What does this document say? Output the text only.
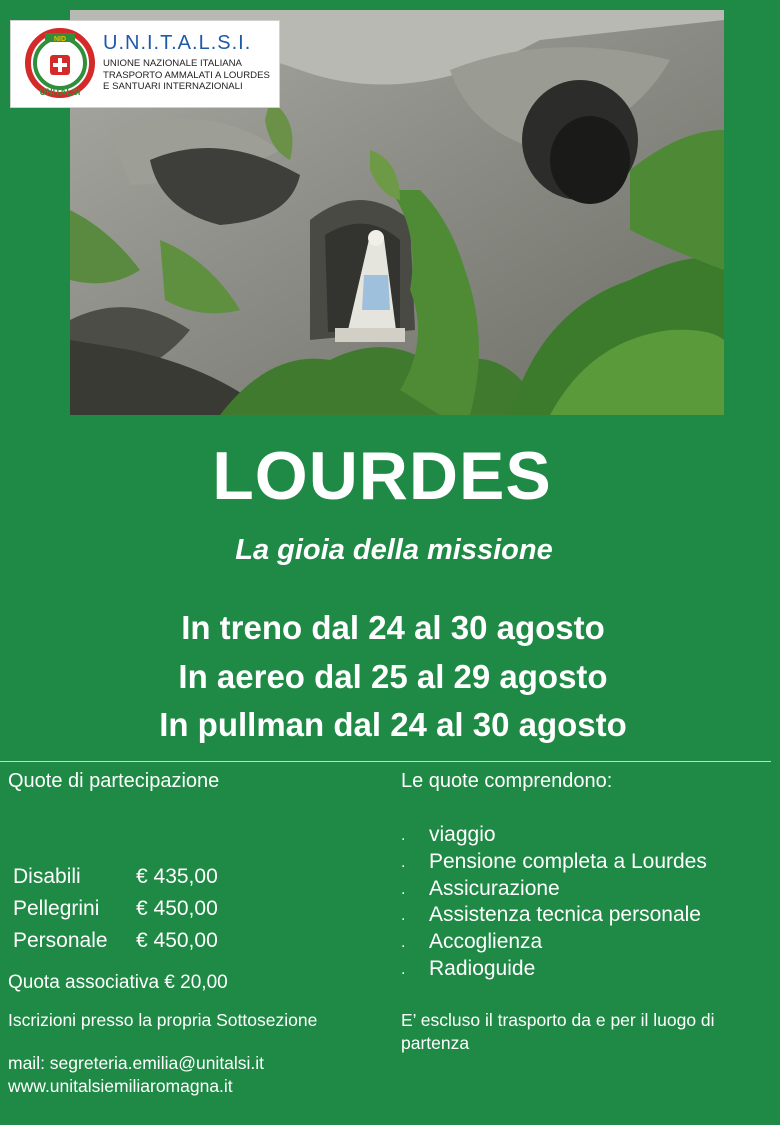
NID
UNITALSI
U.N.I.T.A.L.S.I.
UNIONE NAZIONALE ITALIANA
TRASPORTO AMMALATI A LOURDES
E SANTUARI INTERNAZIONALI
LOURDES
La gioia della missione
In treno dal 24 al 30 agosto
In aereo dal 25 al 29 agosto
In pullman dal 24 al 30 agosto
Quote di partecipazione
Disabili	€ 435,00
Pellegrini	€ 450,00
Personale	€ 450,00
Quota associativa € 20,00
Iscrizioni presso la propria Sottosezione
mail: segreteria.emilia@unitalsi.it
www.unitalsiemiliaromagna.it
Le quote comprendono:
. viaggio
. Pensione completa a Lourdes
. Assicurazione
. Assistenza tecnica personale
. Accoglienza
. Radioguide
E’ escluso il trasporto da e per il luogo di partenza
